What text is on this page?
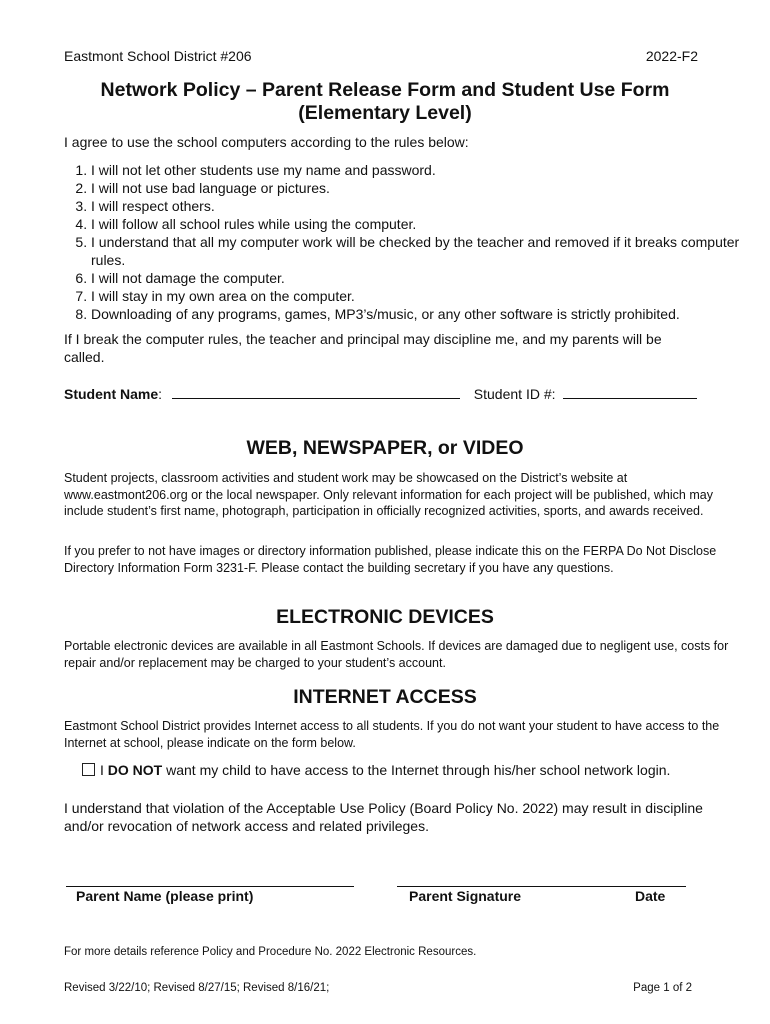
Eastmont School District #206	2022-F2
Network Policy – Parent Release Form and Student Use Form
(Elementary Level)
I agree to use the school computers according to the rules below:
1. I will not let other students use my name and password.
2. I will not use bad language or pictures.
3. I will respect others.
4. I will follow all school rules while using the computer.
5. I understand that all my computer work will be checked by the teacher and removed if it breaks computer rules.
6. I will not damage the computer.
7. I will stay in my own area on the computer.
8. Downloading of any programs, games, MP3’s/music, or any other software is strictly prohibited.

If I break the computer rules, the teacher and principal may discipline me, and my parents will be called.

Student Name:	Student ID #:
WEB, NEWSPAPER, or VIDEO

Student projects, classroom activities and student work may be showcased on the District’s website at www.eastmont206.org or the local newspaper. Only relevant information for each project will be published, which may include student’s first name, photograph, participation in officially recognized activities, sports, and awards received.

If you prefer to not have images or directory information published, please indicate this on the FERPA Do Not Disclose Directory Information Form 3231-F. Please contact the building secretary if you have any questions.

ELECTRONIC DEVICES

Portable electronic devices are available in all Eastmont Schools. If devices are damaged due to negligent use, costs for repair and/or replacement may be charged to your student’s account.

INTERNET ACCESS

Eastmont School District provides Internet access to all students. If you do not want your student to have access to the Internet at school, please indicate on the form below.

I DO NOT want my child to have access to the Internet through his/her school network login.

I understand that violation of the Acceptable Use Policy (Board Policy No. 2022) may result in discipline and/or revocation of network access and related privileges.

Parent Name (please print)	Parent Signature	Date
For more details reference Policy and Procedure No. 2022 Electronic Resources.
Revised 3/22/10; Revised 8/27/15; Revised 8/16/21;	Page 1 of 2
